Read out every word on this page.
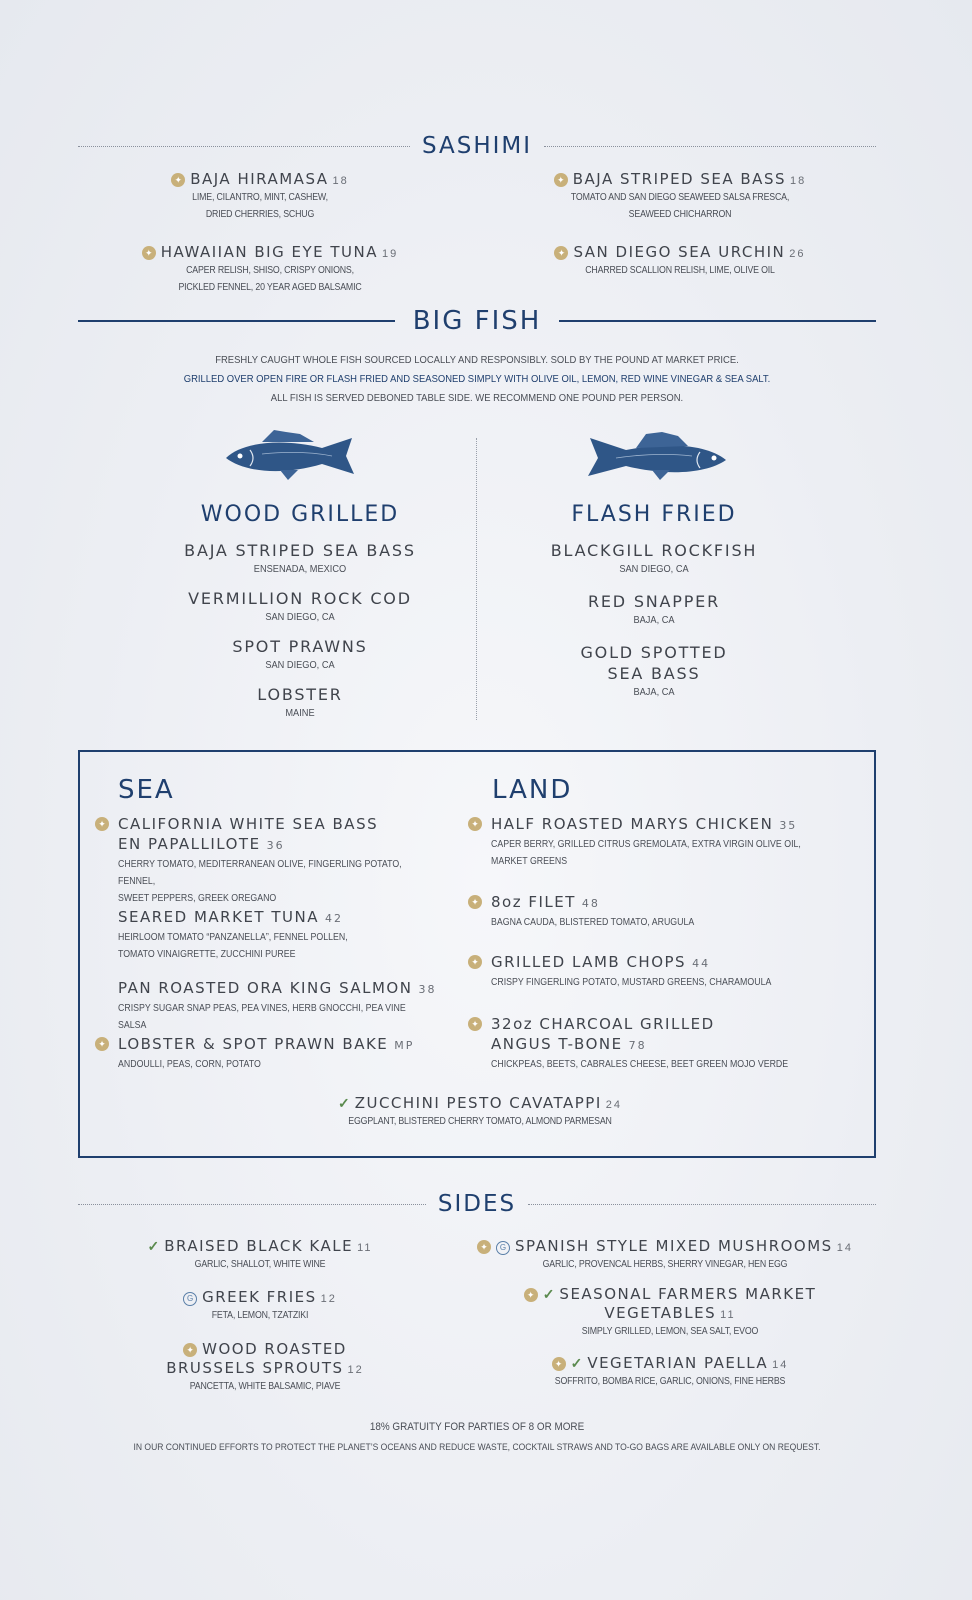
SASHIMI
✦ BAJA HIRAMASA 18
LIME, CILANTRO, MINT, CASHEW,
DRIED CHERRIES, SCHUG
✦ BAJA STRIPED SEA BASS 18
TOMATO AND SAN DIEGO SEAWEED SALSA FRESCA,
SEAWEED CHICHARRON
✦ HAWAIIAN BIG EYE TUNA 19
CAPER RELISH, SHISO, CRISPY ONIONS,
PICKLED FENNEL, 20 YEAR AGED BALSAMIC
✦ SAN DIEGO SEA URCHIN 26
CHARRED SCALLION RELISH, LIME, OLIVE OIL
BIG FISH
FRESHLY CAUGHT WHOLE FISH SOURCED LOCALLY AND RESPONSIBLY. SOLD BY THE POUND AT MARKET PRICE.
GRILLED OVER OPEN FIRE OR FLASH FRIED AND SEASONED SIMPLY WITH OLIVE OIL, LEMON, RED WINE VINEGAR & SEA SALT.
ALL FISH IS SERVED DEBONED TABLE SIDE. WE RECOMMEND ONE POUND PER PERSON.
WOOD GRILLED	FLASH FRIED
BAJA STRIPED SEA BASS
ENSENADA, MEXICO
VERMILLION ROCK COD
SAN DIEGO, CA
SPOT PRAWNS
SAN DIEGO, CA
LOBSTER
MAINE
BLACKGILL ROCKFISH
SAN DIEGO, CA
RED SNAPPER
BAJA, CA
GOLD SPOTTED
SEA BASS
BAJA, CA
SEA	LAND
✦ CALIFORNIA WHITE SEA BASS
EN PAPALLILOTE 36
CHERRY TOMATO, MEDITERRANEAN OLIVE, FINGERLING POTATO, FENNEL,
SWEET PEPPERS, GREEK OREGANO
SEARED MARKET TUNA 42
HEIRLOOM TOMATO “PANZANELLA”, FENNEL POLLEN,
TOMATO VINAIGRETTE, ZUCCHINI PUREE
PAN ROASTED ORA KING SALMON 38
CRISPY SUGAR SNAP PEAS, PEA VINES, HERB GNOCCHI, PEA VINE SALSA
✦ LOBSTER & SPOT PRAWN BAKE MP
ANDOULLI, PEAS, CORN, POTATO
✦ HALF ROASTED MARYS CHICKEN 35
CAPER BERRY, GRILLED CITRUS GREMOLATA, EXTRA VIRGIN OLIVE OIL,
MARKET GREENS
✦ 8oz FILET 48
BAGNA CAUDA, BLISTERED TOMATO, ARUGULA
✦ GRILLED LAMB CHOPS 44
CRISPY FINGERLING POTATO, MUSTARD GREENS, CHARAMOULA
✦ 32oz CHARCOAL GRILLED
ANGUS T-BONE 78
CHICKPEAS, BEETS, CABRALES CHEESE, BEET GREEN MOJO VERDE
✓ ZUCCHINI PESTO CAVATAPPI 24
EGGPLANT, BLISTERED CHERRY TOMATO, ALMOND PARMESAN
SIDES
✓ BRAISED BLACK KALE 11
GARLIC, SHALLOT, WHITE WINE
✦ G SPANISH STYLE MIXED MUSHROOMS 14
GARLIC, PROVENCAL HERBS, SHERRY VINEGAR, HEN EGG
G GREEK FRIES 12
FETA, LEMON, TZATZIKI
✦ ✓ SEASONAL FARMERS MARKET
VEGETABLES 11
SIMPLY GRILLED, LEMON, SEA SALT, EVOO
✦ WOOD ROASTED
BRUSSELS SPROUTS 12
PANCETTA, WHITE BALSAMIC, PIAVE
✦ ✓ VEGETARIAN PAELLA 14
SOFFRITO, BOMBA RICE, GARLIC, ONIONS, FINE HERBS
18% GRATUITY FOR PARTIES OF 8 OR MORE
IN OUR CONTINUED EFFORTS TO PROTECT THE PLANET’S OCEANS AND REDUCE WASTE, COCKTAIL STRAWS AND TO-GO BAGS ARE AVAILABLE ONLY ON REQUEST.
